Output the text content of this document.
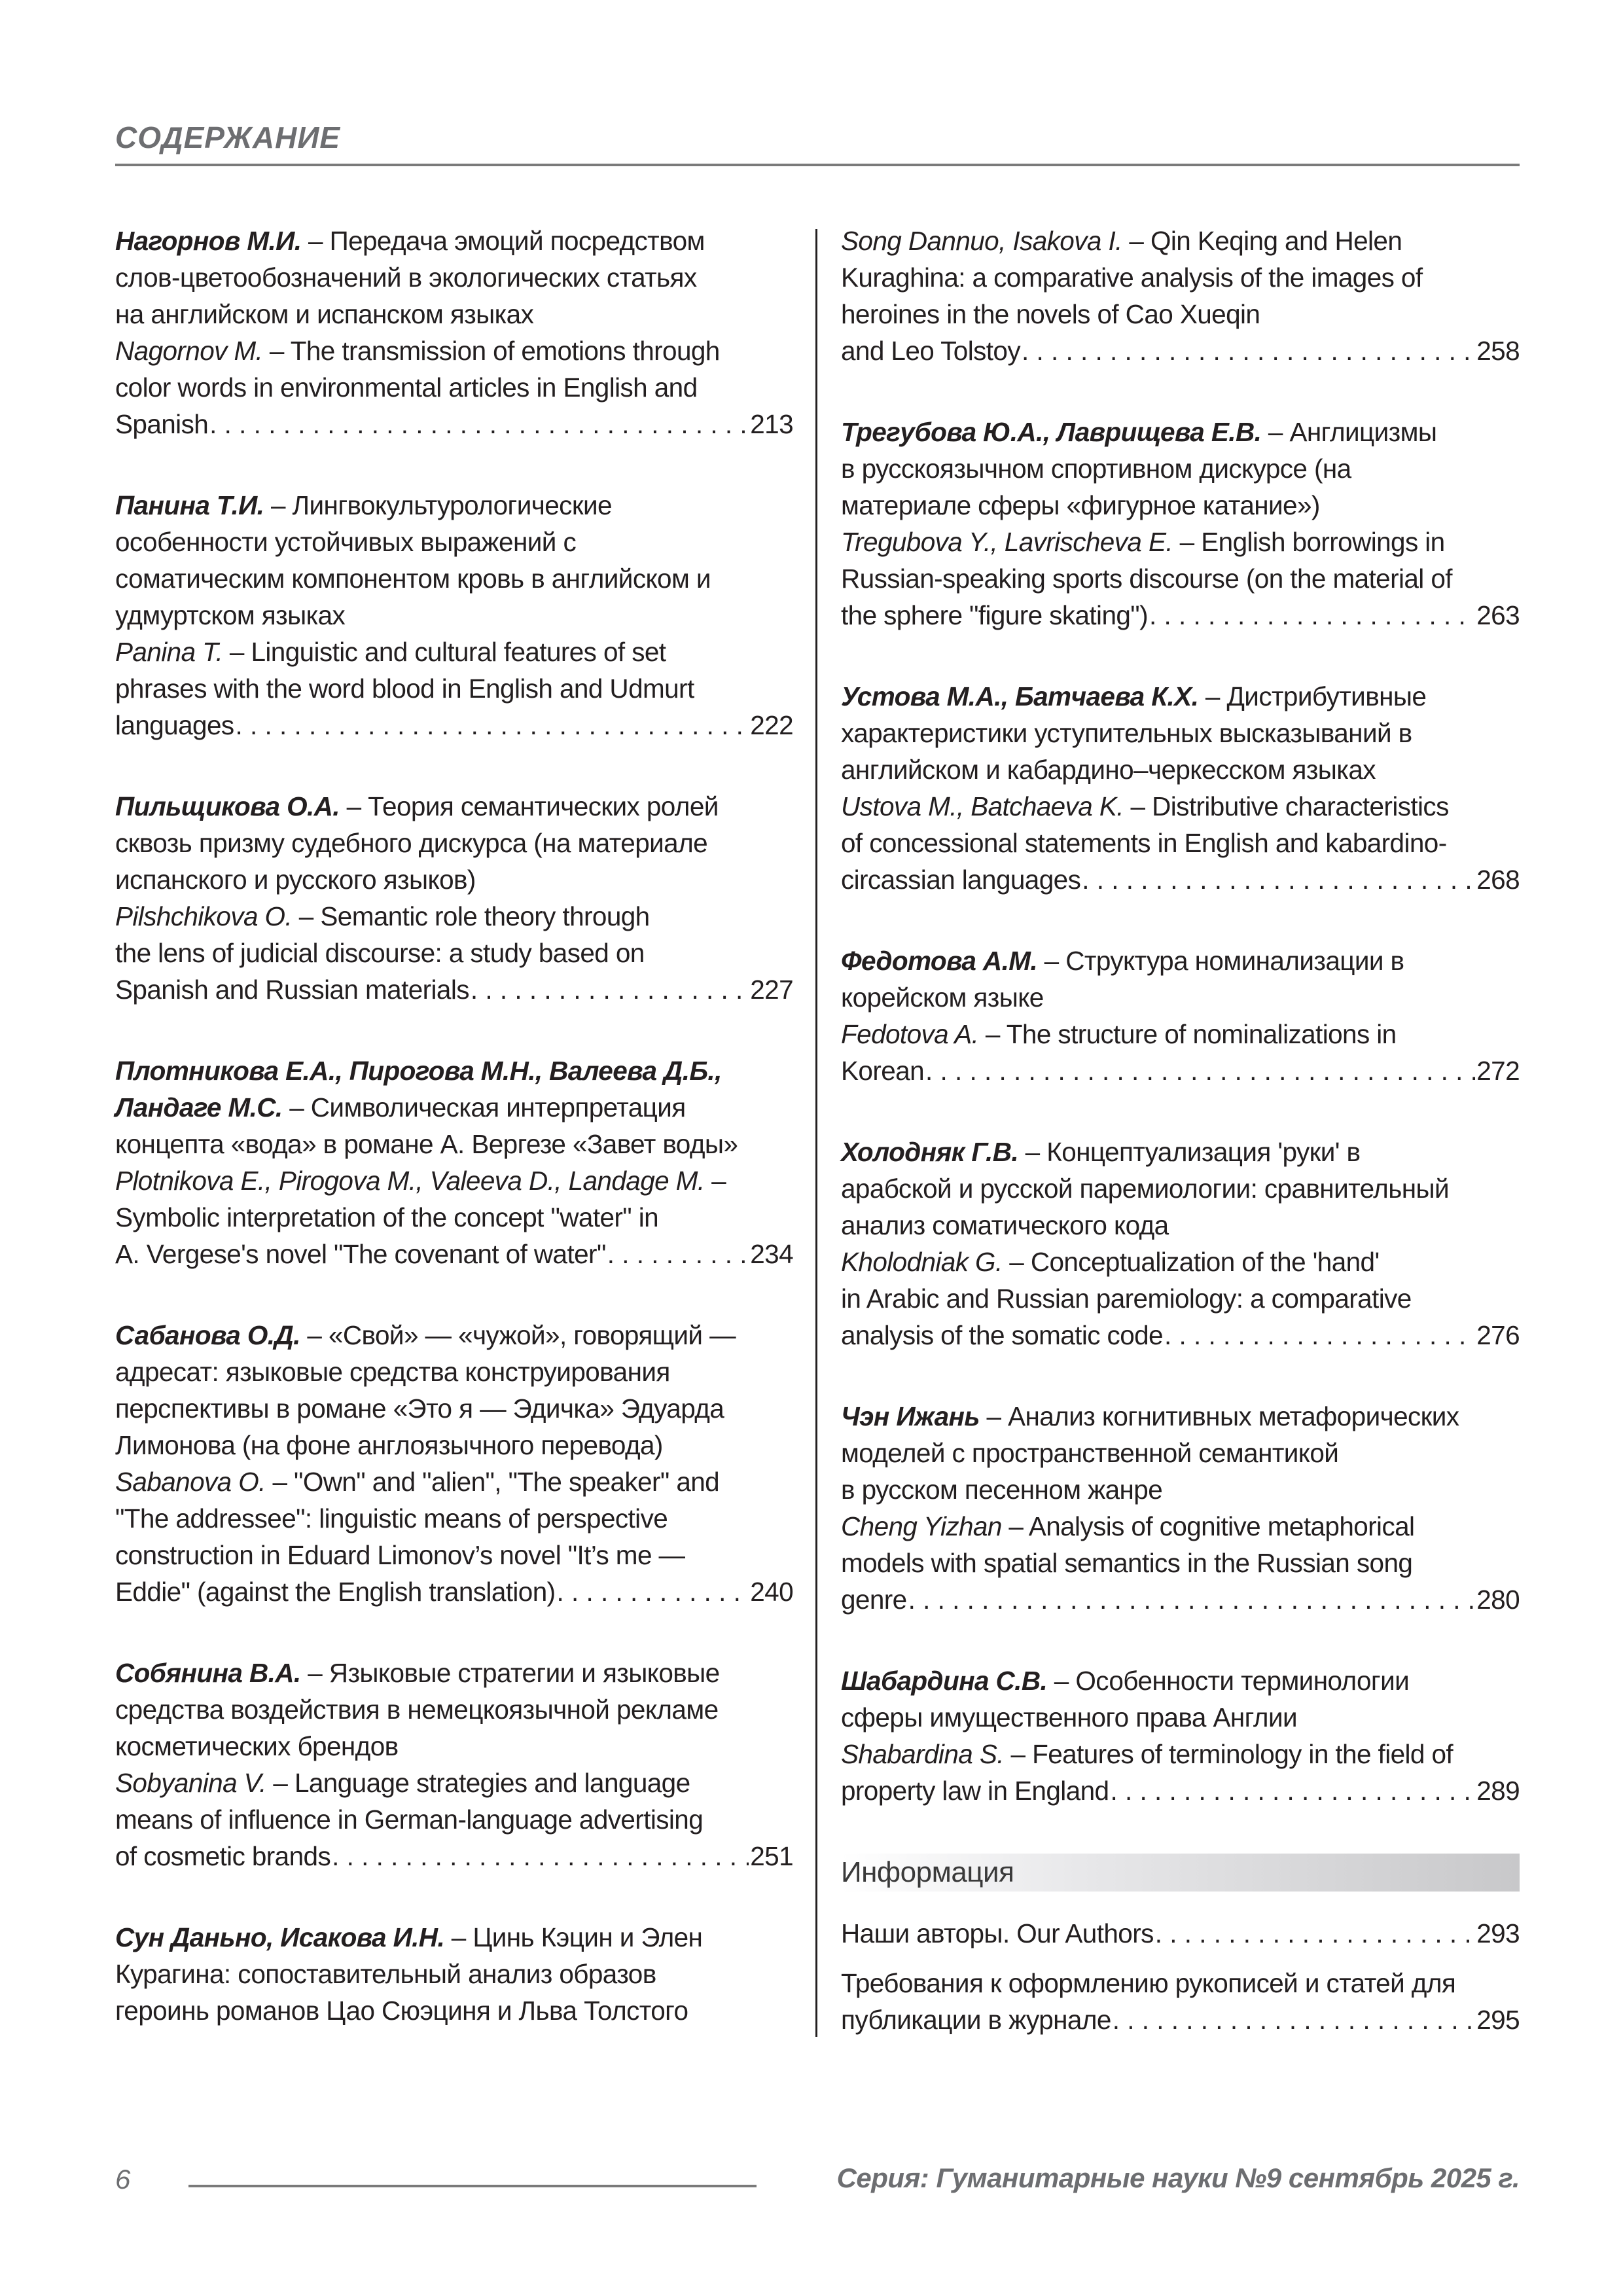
СОДЕРЖАНИЕ
Нагорнов М.И. – Передача эмоций посредством
слов-цветообозначений в экологических статьях
на английском и испанском языках
Nagornov M. – The transmission of emotions through
color words in environmental articles in English and
Spanish . . .	213
Панина Т.И. – Лингвокультурологические
особенности устойчивых выражений с
соматическим компонентом кровь в английском и
удмуртском языках
Panina T. – Linguistic and cultural features of set
phrases with the word blood in English and Udmurt
languages . . .	222
Пильщикова О.А. – Теория семантических ролей
сквозь призму судебного дискурса (на материале
испанского и русского языков)
Pilshchikova O. – Semantic role theory through
the lens of judicial discourse: a study based on
Spanish and Russian materials . . .	227
Плотникова Е.А., Пирогова М.Н., Валеева Д.Б.,
Ландаге М.С. – Символическая интерпретация
концепта «вода» в романе А. Вергезе «Завет воды»
Plotnikova E., Pirogova M., Valeeva D., Landage M. –
Symbolic interpretation of the concept "water" in
A. Vergese's novel "The covenant of water" . . .	234
Сабанова О.Д. – «Свой» — «чужой», говорящий —
адресат: языковые средства конструирования
перспективы в романе «Это я — Эдичка» Эдуарда
Лимонова (на фоне англоязычного перевода)
Sabanova O. – "Own" and "alien", "The speaker" and
"The addressee": linguistic means of perspective
construction in Eduard Limonov’s novel "It’s me —
Eddie" (against the English translation) . . .	240
Собянина В.А. – Языковые стратегии и языковые
средства воздействия в немецкоязычной рекламе
косметических брендов
Sobyanina V. – Language strategies and language
means of influence in German-language advertising
of cosmetic brands . . .	251
Сун Даньно, Исакова И.Н. – Цинь Кэцин и Элен
Курагина: сопоставительный анализ образов
героинь романов Цао Сюэциня и Льва Толстого
Song Dannuo, Isakova I. – Qin Keqing and Helen
Kuraghina: a comparative analysis of the images of
heroines in the novels of Cao Xueqin
and Leo Tolstoy . . .	258
Трегубова Ю.А., Лаврищева Е.В. – Англицизмы
в русскоязычном спортивном дискурсе (на
материале сферы «фигурное катание»)
Tregubova Y., Lavrischeva E. – English borrowings in
Russian-speaking sports discourse (on the material of
the sphere "figure skating") . . .	263
Устова М.А., Батчаева К.Х. – Дистрибутивные
характеристики уступительных высказываний в
английском и кабардино–черкесском языках
Ustova M., Batchaeva K. – Distributive characteristics
of concessional statements in English and kabardino-
circassian languages . . .	268
Федотова А.М. – Структура номинализации в
корейском языке
Fedotova A. – The structure of nominalizations in
Korean . . .	272
Холодняк Г.В. – Концептуализация 'руки' в
арабской и русской паремиологии: сравнительный
анализ соматического кода
Kholodniak G. – Conceptualization of the 'hand'
in Arabic and Russian paremiology: a comparative
analysis of the somatic code . . .	276
Чэн Ижань – Анализ когнитивных метафорических
моделей с пространственной семантикой
в русском песенном жанре
Cheng Yizhan – Analysis of cognitive metaphorical
models with spatial semantics in the Russian song
genre . . .	280
Шабардина С.В. – Особенности терминологии
сферы имущественного права Англии
Shabardina S. – Features of terminology in the field of
property law in England . . .	289
Информация
Наши авторы. Our Authors . . .	293
Требования к оформлению рукописей и статей для
публикации в журнале . . .	295
6	Серия: Гуманитарные науки №9 сентябрь 2025 г.
